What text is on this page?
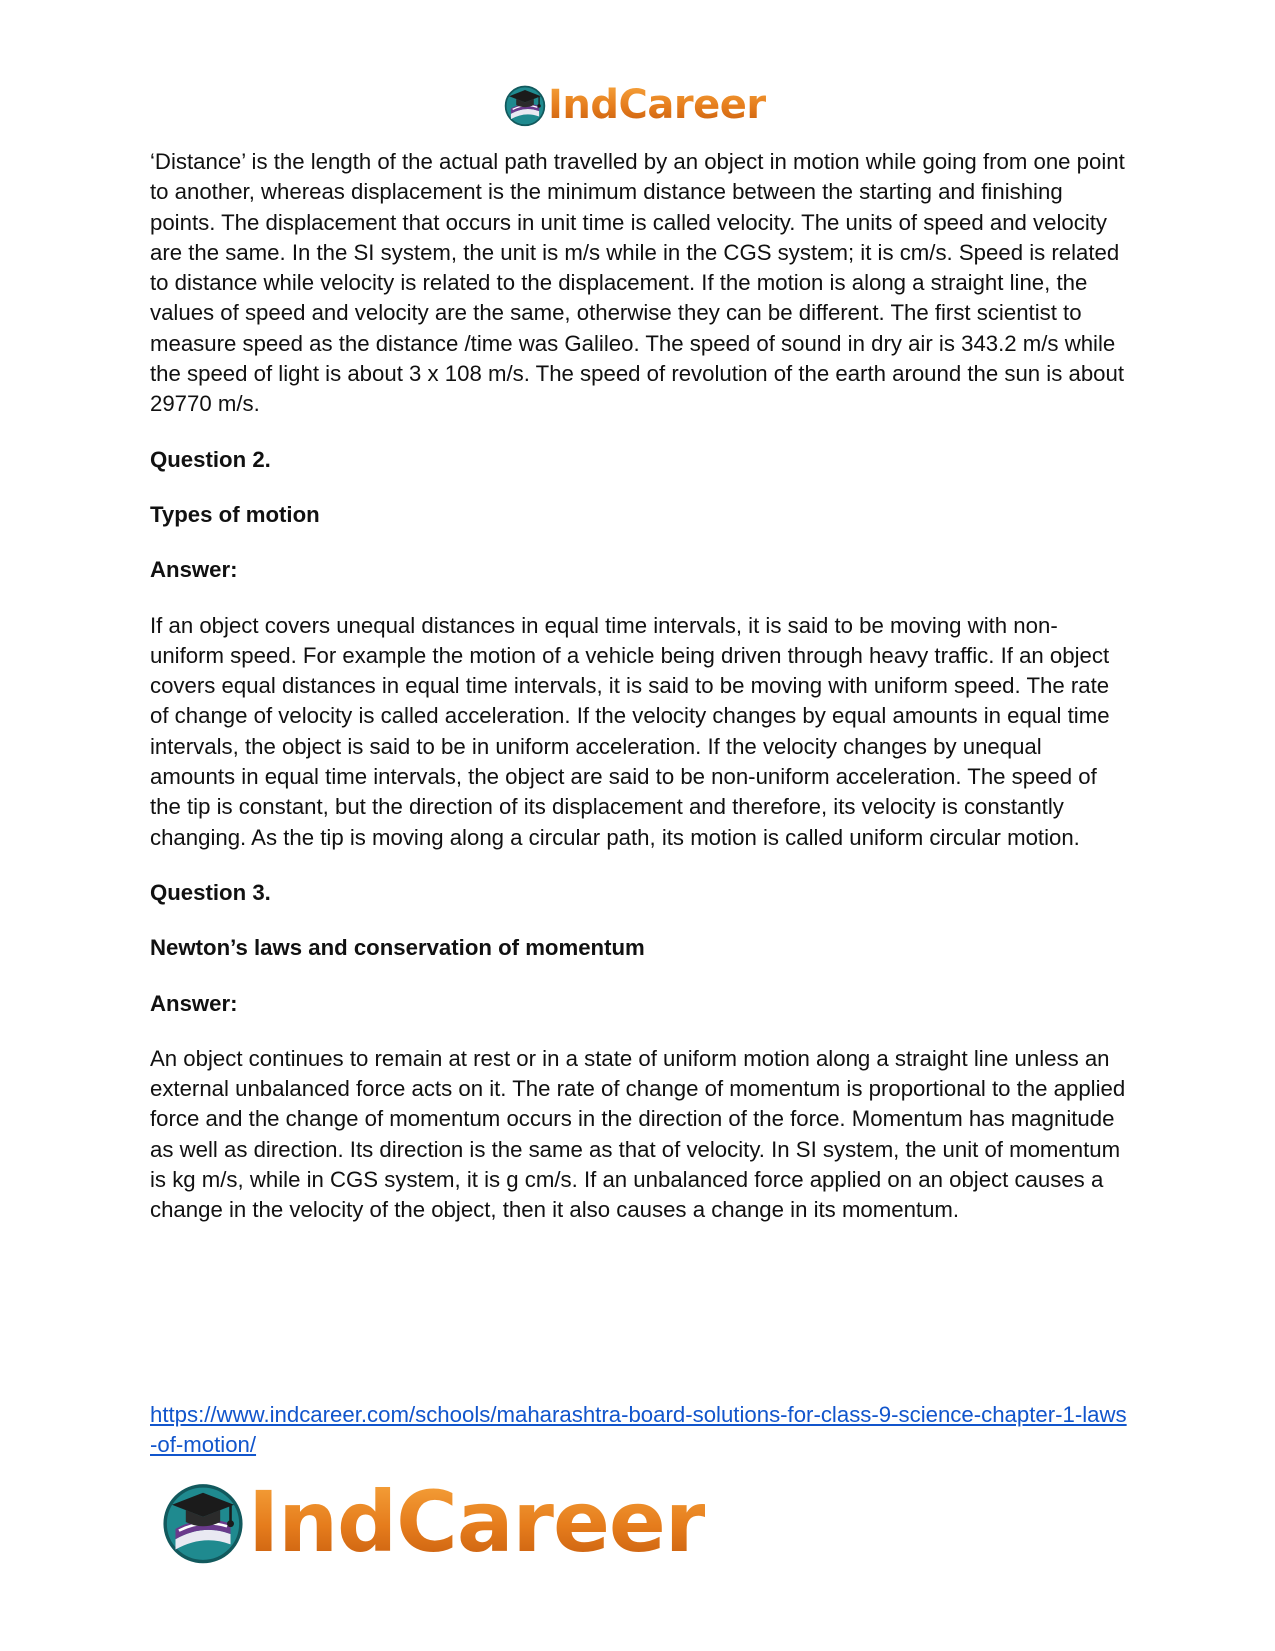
IndCareer

‘Distance’ is the length of the actual path travelled by an object in motion while going from one point to another, whereas displacement is the minimum distance between the starting and finishing points. The displacement that occurs in unit time is called velocity. The units of speed and velocity are the same. In the SI system, the unit is m/s while in the CGS system; it is cm/s. Speed is related to distance while velocity is related to the displacement. If the motion is along a straight line, the values of speed and velocity are the same, otherwise they can be different. The first scientist to measure speed as the distance /time was Galileo. The speed of sound in dry air is 343.2 m/s while the speed of light is about 3 x 108 m/s. The speed of revolution of the earth around the sun is about 29770 m/s.

Question 2.

Types of motion

Answer:

If an object covers unequal distances in equal time intervals, it is said to be moving with non-uniform speed. For example the motion of a vehicle being driven through heavy traffic. If an object covers equal distances in equal time intervals, it is said to be moving with uniform speed. The rate of change of velocity is called acceleration. If the velocity changes by equal amounts in equal time intervals, the object is said to be in uniform acceleration. If the velocity changes by unequal amounts in equal time intervals, the object are said to be non-uniform acceleration. The speed of the tip is constant, but the direction of its displacement and therefore, its velocity is constantly changing. As the tip is moving along a circular path, its motion is called uniform circular motion.

Question 3.

Newton’s laws and conservation of momentum

Answer:

An object continues to remain at rest or in a state of uniform motion along a straight line unless an external unbalanced force acts on it. The rate of change of momentum is proportional to the applied force and the change of momentum occurs in the direction of the force. Momentum has magnitude as well as direction. Its direction is the same as that of velocity. In SI system, the unit of momentum is kg m/s, while in CGS system, it is g cm/s. If an unbalanced force applied on an object causes a change in the velocity of the object, then it also causes a change in its momentum.

https://www.indcareer.com/schools/maharashtra-board-solutions-for-class-9-science-chapter-1-laws-of-motion/
IndCareer
